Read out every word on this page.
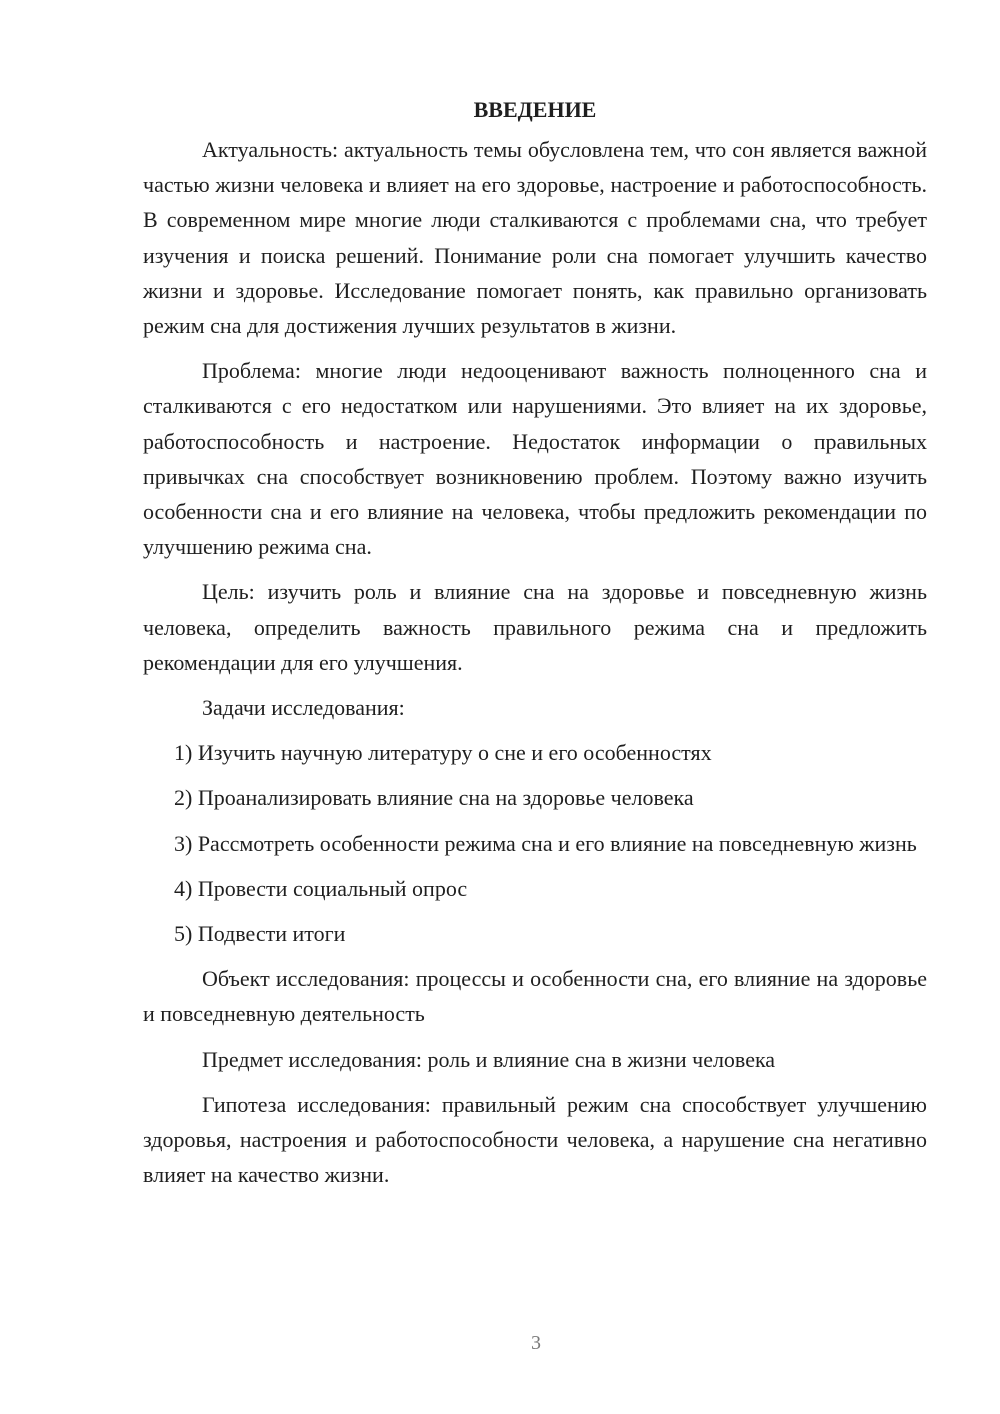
ВВЕДЕНИЕ

Актуальность: актуальность темы обусловлена тем, что сон является важной частью жизни человека и влияет на его здоровье, настроение и работоспособность. В современном мире многие люди сталкиваются с проблемами сна, что требует изучения и поиска решений. Понимание роли сна помогает улучшить качество жизни и здоровье. Исследование помогает понять, как правильно организовать режим сна для достижения лучших результатов в жизни.

Проблема: многие люди недооценивают важность полноценного сна и сталкиваются с его недостатком или нарушениями. Это влияет на их здоровье, работоспособность и настроение. Недостаток информации о правильных привычках сна способствует возникновению проблем. Поэтому важно изучить особенности сна и его влияние на человека, чтобы предложить рекомендации по улучшению режима сна.

Цель: изучить роль и влияние сна на здоровье и повседневную жизнь человека, определить важность правильного режима сна и предложить рекомендации для его улучшения.

Задачи исследования:

1) Изучить научную литературу о сне и его особенностях

2) Проанализировать влияние сна на здоровье человека

3) Рассмотреть особенности режима сна и его влияние на повседневную жизнь

4) Провести социальный опрос

5) Подвести итоги

Объект исследования: процессы и особенности сна, его влияние на здоровье и повседневную деятельность

Предмет исследования: роль и влияние сна в жизни человека

Гипотеза исследования: правильный режим сна способствует улучшению здоровья, настроения и работоспособности человека, а нарушение сна негативно влияет на качество жизни.

3
